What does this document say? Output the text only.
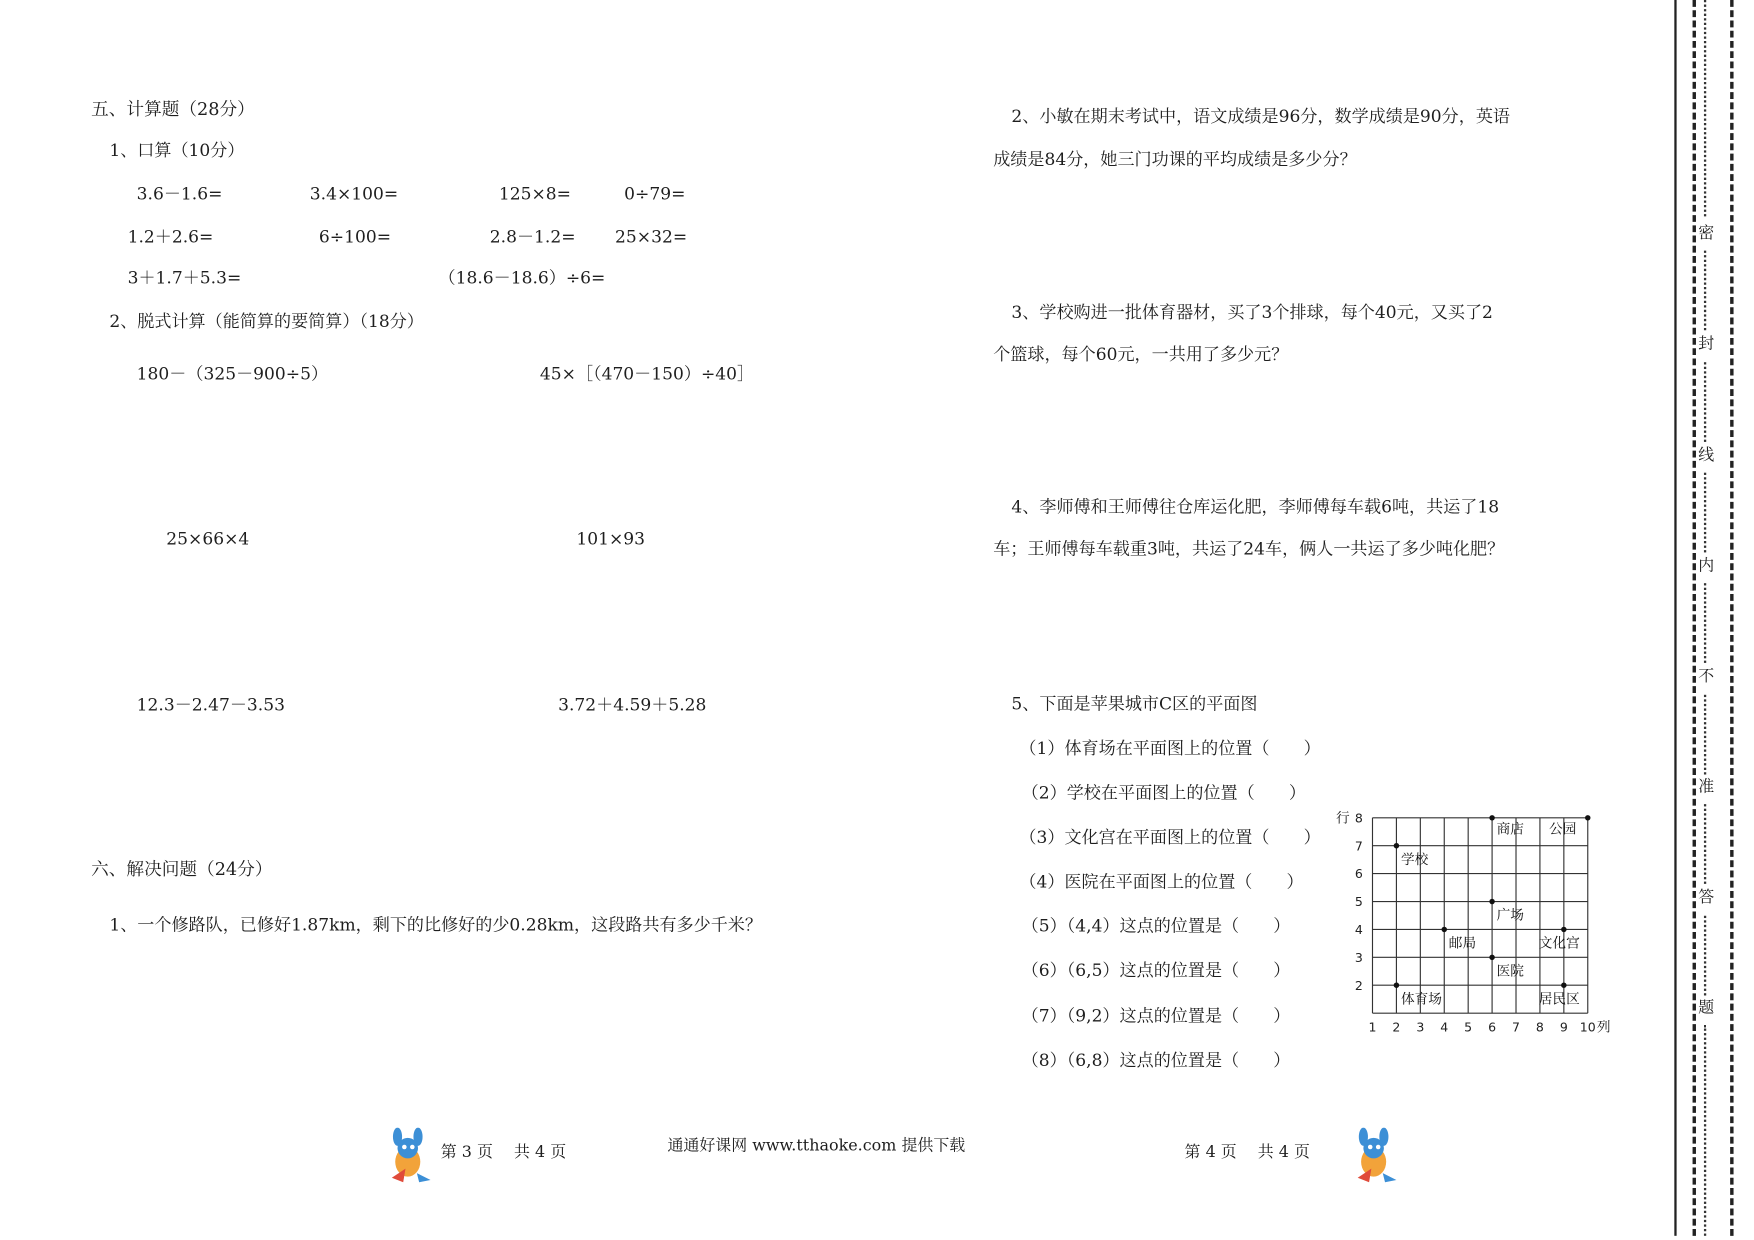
五、计算题（28分）
1、口算（10分）
3.6－1.6=	3.4×100=	125×8=	0÷79=
1.2＋2.6=	6÷100=	2.8－1.2=	25×32=
3＋1.7＋5.3=	（18.6－18.6）÷6=
2、脱式计算（能简算的要简算）（18分）
180－（325－900÷5）	45×［（470－150）÷40］
25×66×4	101×93
12.3－2.47－3.53	3.72＋4.59＋5.28
六、解决问题（24分）
1、一个修路队，已修好1.87km，剩下的比修好的少0.28km，这段路共有多少千米？
2、小敏在期末考试中，语文成绩是96分，数学成绩是90分，英语
成绩是84分，她三门功课的平均成绩是多少分？
3、学校购进一批体育器材，买了3个排球，每个40元，又买了2
个篮球，每个60元，一共用了多少元？
4、李师傅和王师傅往仓库运化肥，李师傅每车载6吨，共运了18
车；王师傅每车载重3吨，共运了24车，俩人一共运了多少吨化肥？
5、下面是苹果城市C区的平面图
（1）体育场在平面图上的位置（　　）
（2）学校在平面图上的位置（　　）
（3）文化宫在平面图上的位置（　　）
（4）医院在平面图上的位置（　　）
（5）（4,4）这点的位置是（　　）
（6）（6,5）这点的位置是（　　）
（7）（9,2）这点的位置是（　　）
（8）（6,8）这点的位置是（　　）
8
7
6
5
4
3
2
1 2 3 4 5 6 7 8 9 10
行
列
学校
商店 公园
广场
邮局	文化宫
医院
体育场	居民区
第 3 页　 共 4 页	通通好课网 www.tthaoke.com 提供下载	第 4 页　 共 4 页
密
封
线
内
不
准
答
题
